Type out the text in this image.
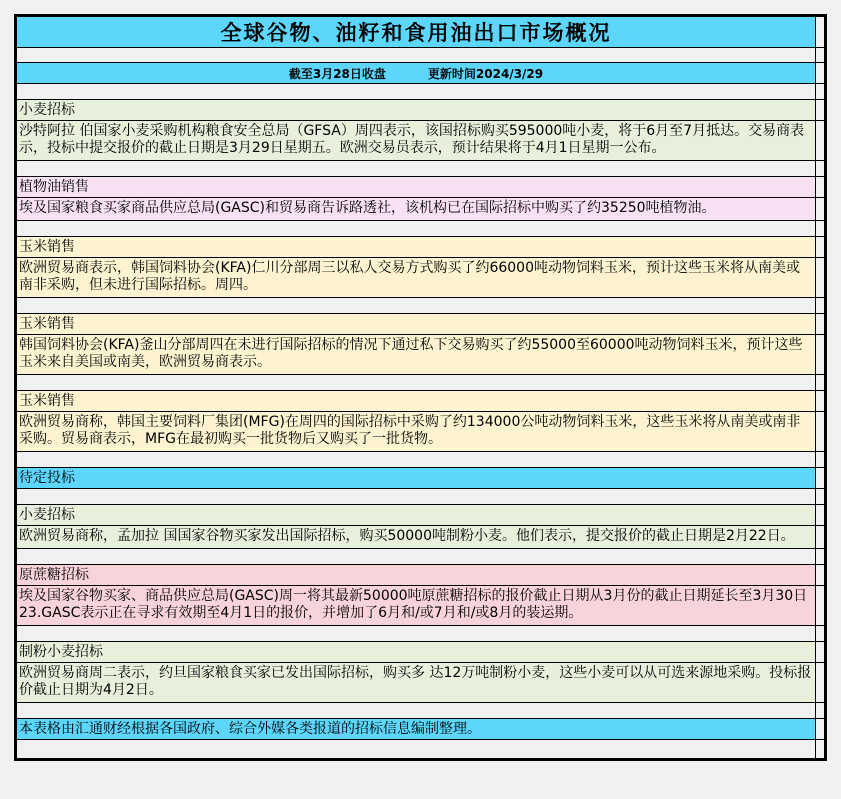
全球谷物、油籽和食用油出口市场概况
截至3月28日收盘	更新时间2024/3/29
小麦招标
沙特阿拉 伯国家小麦采购机构粮食安全总局（GFSA）周四表示，该国招标购买595000吨小麦，将于6月至7月抵达。交易商表示，投标中提交报价的截止日期是3月29日星期五。欧洲交易员表示，预计结果将于4月1日星期一公布。
植物油销售
埃及国家粮食买家商品供应总局(GASC)和贸易商告诉路透社，该机构已在国际招标中购买了约35250吨植物油。
玉米销售
欧洲贸易商表示，韩国饲料协会(KFA)仁川分部周三以私人交易方式购买了约66000吨动物饲料玉米，预计这些玉米将从南美或南非采购，但未进行国际招标。周四。
玉米销售
韩国饲料协会(KFA)釜山分部周四在未进行国际招标的情况下通过私下交易购买了约55000至60000吨动物饲料玉米，预计这些玉米来自美国或南美，欧洲贸易商表示。
玉米销售
欧洲贸易商称，韩国主要饲料厂集团(MFG)在周四的国际招标中采购了约134000公吨动物饲料玉米，这些玉米将从南美或南非采购。贸易商表示，MFG在最初购买一批货物后又购买了一批货物。
待定投标
小麦招标
欧洲贸易商称，孟加拉 国国家谷物买家发出国际招标，购买50000吨制粉小麦。他们表示，提交报价的截止日期是2月22日。
原蔗糖招标
埃及国家谷物买家、商品供应总局(GASC)周一将其最新50000吨原蔗糖招标的报价截止日期从3月份的截止日期延长至3月30日23.GASC表示正在寻求有效期至4月1日的报价，并增加了6月和/或7月和/或8月的装运期。
制粉小麦招标
欧洲贸易商周二表示，约旦国家粮食买家已发出国际招标，购买多 达12万吨制粉小麦，这些小麦可以从可选来源地采购。投标报价截止日期为4月2日。
本表格由汇通财经根据各国政府、综合外媒各类报道的招标信息编制整理。
